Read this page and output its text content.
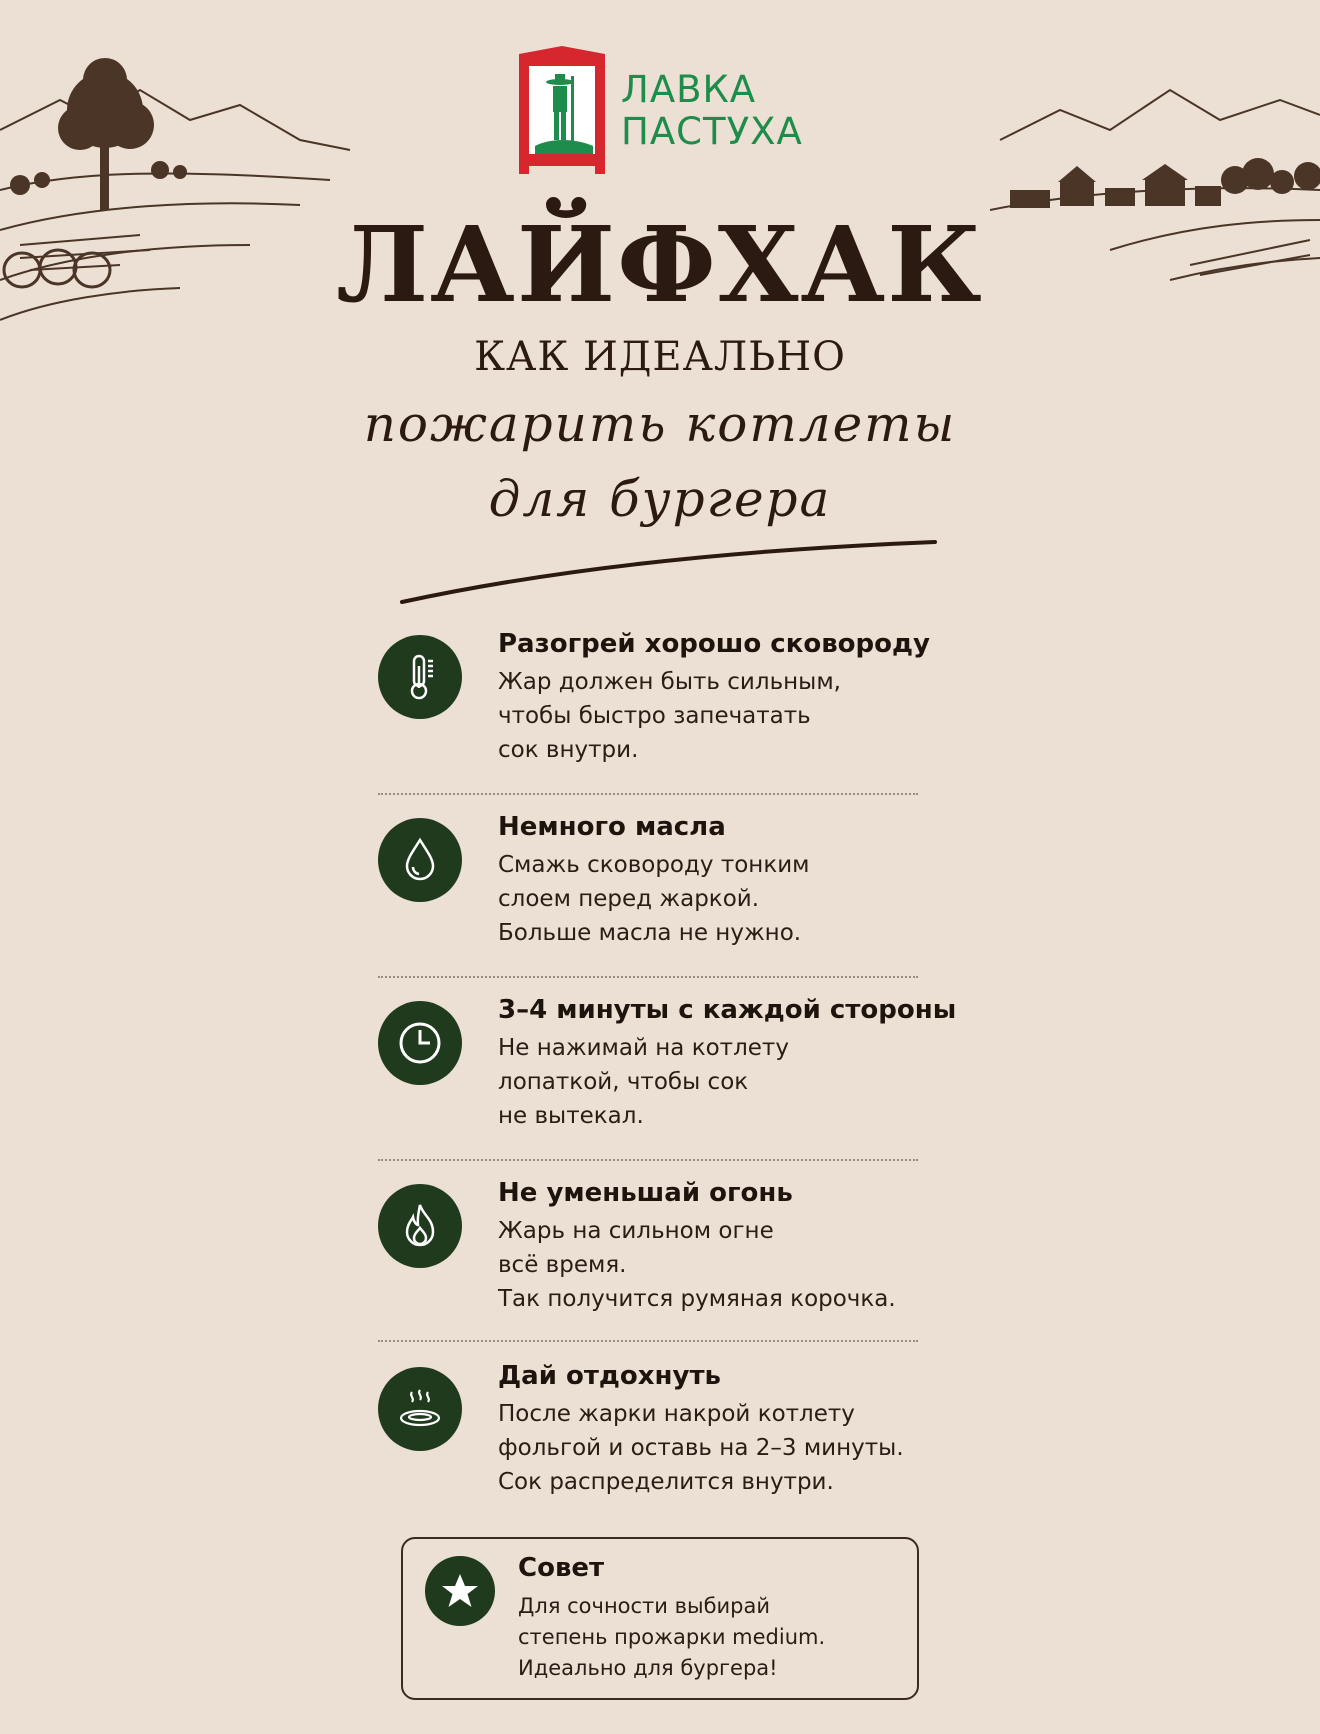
ЛАВКА
ПАСТУХА
ЛАЙФХАК
КАК ИДЕАЛЬНО
пожарить котлеты
для бургера
Разогрей хорошо сковороду
Жар должен быть сильным,
чтобы быстро запечатать
сок внутри.
Немного масла
Смажь сковороду тонким
слоем перед жаркой.
Больше масла не нужно.
3–4 минуты с каждой стороны
Не нажимай на котлету
лопаткой, чтобы сок
не вытекал.
Не уменьшай огонь
Жарь на сильном огне
всё время.
Так получится румяная корочка.
Дай отдохнуть
После жарки накрой котлету
фольгой и оставь на 2–3 минуты.
Сок распределится внутри.
Совет
Для сочности выбирай
степень прожарки medium.
Идеально для бургера!
